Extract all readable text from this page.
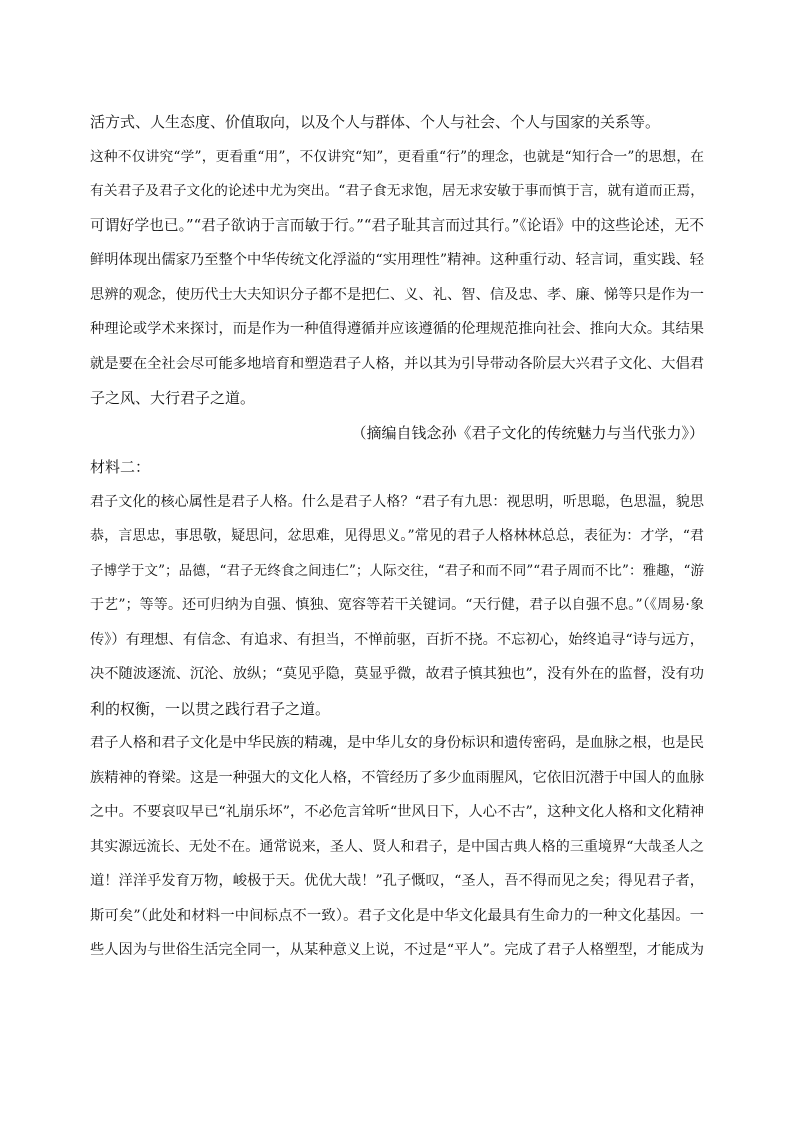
活方式、人生态度、价值取向，以及个人与群体、个人与社会、个人与国家的关系等。
这种不仅讲究“学”，更看重“用”，不仅讲究“知”，更看重“行”的理念，也就是“知行合一”的思想，在
有关君子及君子文化的论述中尤为突出。“君子食无求饱，居无求安敏于事而慎于言，就有道而正焉，
可谓好学也已。”“君子欲讷于言而敏于行。”“君子耻其言而过其行。”《论语》中的这些论述，无不
鲜明体现出儒家乃至整个中华传统文化浮溢的“实用理性”精神。这种重行动、轻言词，重实践、轻
思辨的观念，使历代士大夫知识分子都不是把仁、义、礼、智、信及忠、孝、廉、悌等只是作为一
种理论或学术来探讨，而是作为一种值得遵循并应该遵循的伦理规范推向社会、推向大众。其结果
就是要在全社会尽可能多地培育和塑造君子人格，并以其为引导带动各阶层大兴君子文化、大倡君
子之风、大行君子之道。
（摘编自钱念孙《君子文化的传统魅力与当代张力》）
材料二：
君子文化的核心属性是君子人格。什么是君子人格？“君子有九思：视思明，听思聪，色思温，貌思
恭，言思忠，事思敬，疑思问，忿思难，见得思义。”常见的君子人格林林总总，表征为：才学，“君
子博学于文”；品德，“君子无终食之间违仁”；人际交往，“君子和而不同”“君子周而不比”：雅趣，“游
于艺”；等等。还可归纳为自强、慎独、宽容等若干关键词。“天行健，君子以自强不息。”（《周易·象
传》）有理想、有信念、有追求、有担当，不惮前驱，百折不挠。不忘初心，始终追寻“诗与远方，
决不随波逐流、沉沦、放纵；“莫见乎隐，莫显乎微，故君子慎其独也”，没有外在的监督，没有功
利的权衡，一以贯之践行君子之道。
君子人格和君子文化是中华民族的精魂，是中华儿女的身份标识和遗传密码，是血脉之根，也是民
族精神的脊梁。这是一种强大的文化人格，不管经历了多少血雨腥风，它依旧沉潜于中国人的血脉
之中。不要哀叹早已“礼崩乐坏”，不必危言耸听“世风日下，人心不古”，这种文化人格和文化精神
其实源远流长、无处不在。通常说来，圣人、贤人和君子，是中国古典人格的三重境界“大哉圣人之
道！洋洋乎发育万物，峻极于天。优优大哉！”孔子慨叹，“圣人，吾不得而见之矣；得见君子者，
斯可矣”（此处和材料一中间标点不一致）。君子文化是中华文化最具有生命力的一种文化基因。一
些人因为与世俗生活完全同一，从某种意义上说，不过是“平人”。完成了君子人格塑型，才能成为
